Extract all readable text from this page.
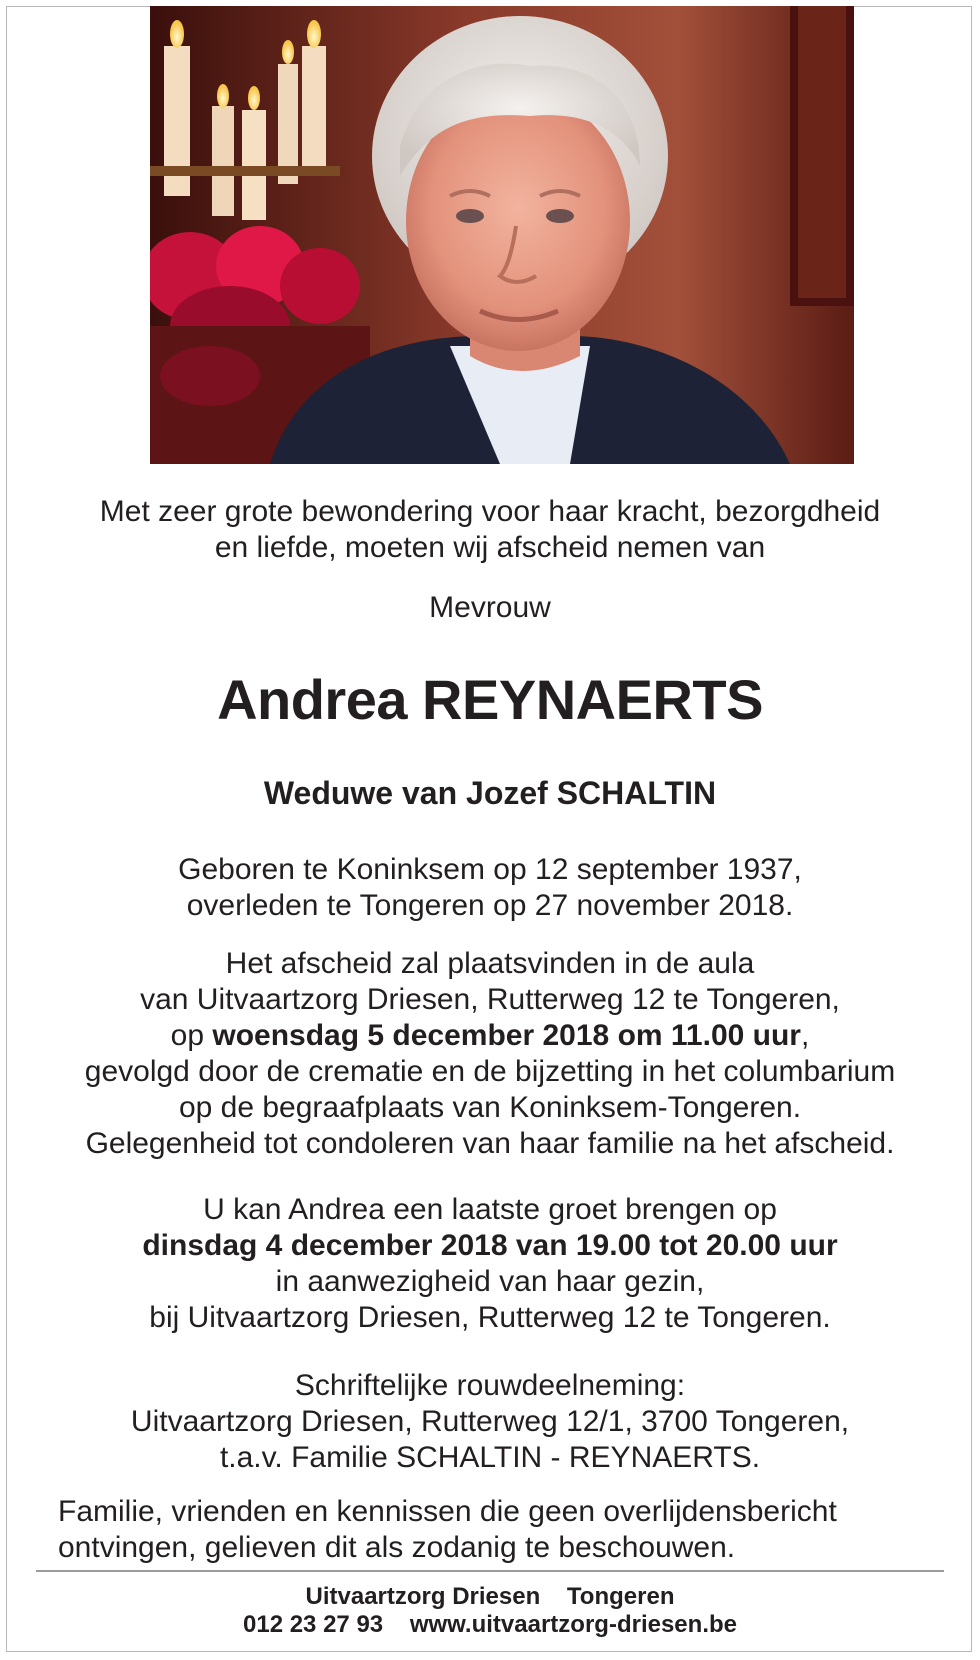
Met zeer grote bewondering voor haar kracht, bezorgdheid

en liefde, moeten wij afscheid nemen van

Mevrouw

Andrea REYNAERTS

Weduwe van Jozef SCHALTIN

Geboren te Koninksem op 12 september 1937,

overleden te Tongeren op 27 november 2018.

Het afscheid zal plaatsvinden in de aula

van Uitvaartzorg Driesen, Rutterweg 12 te Tongeren,

op woensdag 5 december 2018 om 11.00 uur,

gevolgd door de crematie en de bijzetting in het columbarium

op de begraafplaats van Koninksem-Tongeren.

Gelegenheid tot condoleren van haar familie na het afscheid.

U kan Andrea een laatste groet brengen op

dinsdag 4 december 2018 van 19.00 tot 20.00 uur

in aanwezigheid van haar gezin,

bij Uitvaartzorg Driesen, Rutterweg 12 te Tongeren.

Schriftelijke rouwdeelneming:

Uitvaartzorg Driesen, Rutterweg 12/1, 3700 Tongeren,

t.a.v. Familie SCHALTIN - REYNAERTS.

Familie, vrienden en kennissen die geen overlijdensbericht

ontvingen, gelieven dit als zodanig te beschouwen.

Uitvaartzorg Driesen Tongeren

012 23 27 93 www.uitvaartzorg-driesen.be
